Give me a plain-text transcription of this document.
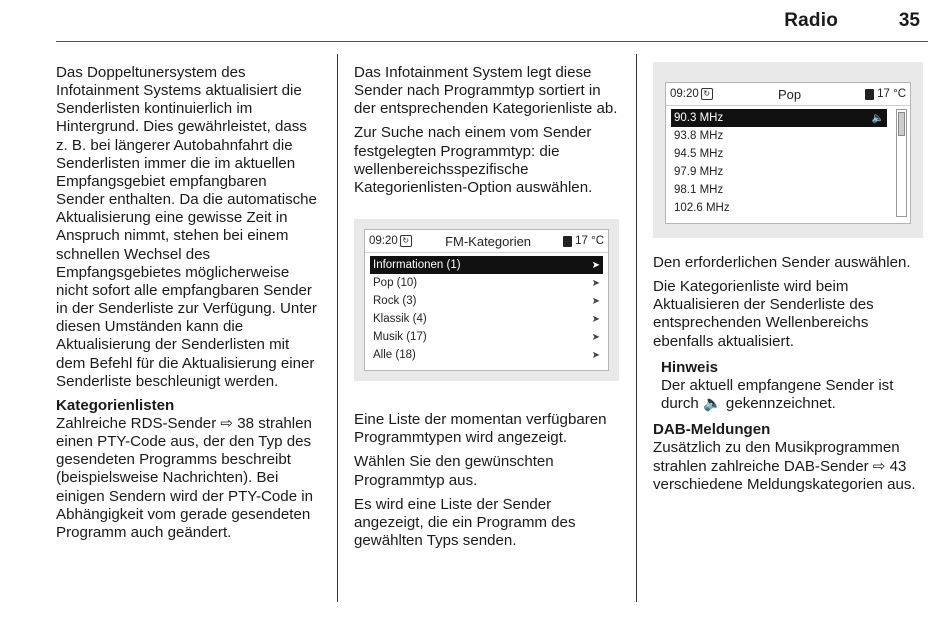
Radio	35

Das Doppeltunersystem des Infotainment Systems aktualisiert die Senderlisten kontinuierlich im Hintergrund. Dies gewährleistet, dass z. B. bei längerer Autobahnfahrt die Senderlisten immer die im aktuellen Empfangsgebiet empfangbaren Sender enthalten. Da die automatische Aktualisierung eine gewisse Zeit in Anspruch nimmt, stehen bei einem schnellen Wechsel des Empfangsgebietes möglicherweise nicht sofort alle empfangbaren Sender in der Senderliste zur Verfügung. Unter diesen Umständen kann die Aktualisierung der Senderlisten mit dem Befehl für die Aktualisierung einer Senderliste beschleunigt werden.

Kategorienlisten

Zahlreiche RDS-Sender ⇨ 38 strahlen einen PTY-Code aus, der den Typ des gesendeten Programms beschreibt (beispielsweise Nachrichten). Bei einigen Sendern wird der PTY-Code in Abhängigkeit vom gerade gesendeten Programm auch geändert.

Das Infotainment System legt diese Sender nach Programmtyp sortiert in der entsprechenden Kategorienliste ab.

Zur Suche nach einem vom Sender festgelegten Programmtyp: die wellenbereichsspezifische Kategorienlisten-Option auswählen.

09:20 ↻	FM-Kategorien	17 °C
Informationen (1)	➤
Pop (10)	➤
Rock (3)	➤
Klassik (4)	➤
Musik (17)	➤
Alle (18)	➤

Eine Liste der momentan verfügbaren Programmtypen wird angezeigt.

Wählen Sie den gewünschten Programmtyp aus.

Es wird eine Liste der Sender angezeigt, die ein Programm des gewählten Typs senden.

09:20 ↻	Pop	17 °C
90.3 MHz	🔈
93.8 MHz
94.5 MHz
97.9 MHz
98.1 MHz
102.6 MHz

Den erforderlichen Sender auswählen.

Die Kategorienliste wird beim Aktualisieren der Senderliste des entsprechenden Wellenbereichs ebenfalls aktualisiert.

Hinweis
Der aktuell empfangene Sender ist durch 🔈 gekennzeichnet.
DAB-Meldungen

Zusätzlich zu den Musikprogrammen strahlen zahlreiche DAB-Sender ⇨ 43 verschiedene Meldungskategorien aus.
